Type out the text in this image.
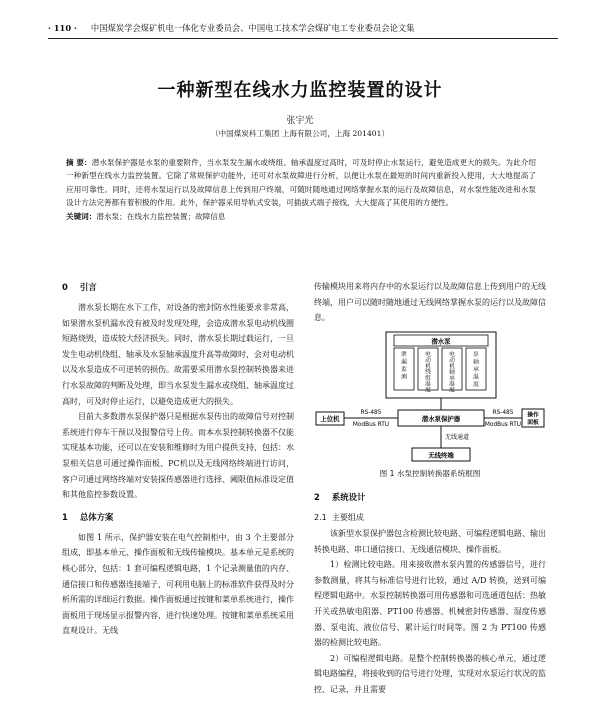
· 110 · 中国煤炭学会煤矿机电一体化专业委员会、中国电工技术学会煤矿电工专业委员会论文集
一种新型在线水力监控装置的设计
张宇光
（中国煤炭科工集团 上海有限公司，上海 201401）
摘 要：潜水泵保护器是水泵的重要附件，当水泵发生漏水或绕组、轴承温度过高时，可及时停止水泵运行，避免造成更大的损失。为此介绍一种新型在线水力监控装置。它除了常规保护功能外，还可对水泵故障进行分析，以便让水泵在最短的时间内重新投入使用，大大地提高了应用可靠性。同时，还将水泵运行以及故障信息上传到用户终端，可随时随地通过网络掌握水泵的运行及故障信息，对水泵性能改进和水泵设计方法完善都有着积极的作用。此外，保护器采用导轨式安装，可插拔式端子接线，大大提高了其使用的方便性。
关键词：潜水泵；在线水力监控装置；故障信息
0 引言

潜水泵长期在水下工作，对设备的密封防水性能要求非常高，如果潜水泵机漏水没有被及时发现处理，会造成潜水泵电动机线圈短路烧毁，造成较大经济损失。同时，潜水泵长期过载运行，一旦发生电动机绕组、轴承及水泵轴承温度升高等故障时，会对电动机以及水泵造成不可逆转的损伤。故需要采用潜水泵控制转换器来进行水泵故障的判断及处理，即当水泵发生漏水或绕组、轴承温度过高时，可及时停止运行，以避免造成更大的损失。

目前大多数潜水泵保护器只是根据水泵传出的故障信号对控制系统进行停车干预以及报警信号上传。而本水泵控制转换器不仅能实现基本功能，还可以在安装和维修时为用户提供支持，包括：水泵相关信息可通过操作面板、PC机以及无线网络终端进行访问，客户可通过网络终端对安装探传感器进行选择、阈限值标准设定值和其他监控参数设置。

1 总体方案

如图 1 所示，保护器安装在电气控制柜中，由 3 个主要部分组成，即基本单元、操作面板和无线传输模块。基本单元是系统的核心部分，包括：1 套可编程逻辑电路，1 个记录测量值的内存、通信接口和传感器连接端子，可利用电脑上的标准软件获得及时分析所需的详细运行数据。操作面板通过按键和菜单系统进行，操作面板用于现场显示报警内容，进行快速处理。按键和菜单系统采用直观设计。无线

传输模块用来将内存中的水泵运行以及故障信息上传到用户的无线终端，用户可以随时随地通过无线网络掌握水泵的运行以及故障信息。

潜水泵
泄漏监测
电动机绕组温度
电动机轴承温度
泵轴承温度
上位机
RS-485
ModBus RTU
潜水泵保护器
RS-485
ModBus RTU
操作面板
无线通道
无线终端
图 1 水泵控制转换器系统框图
2 系统设计
2.1 主要组成

该新型水泵保护器包含检测比较电路、可编程逻辑电路、输出转换电路、串口通信接口、无线通信模块、操作面板。

1）检测比较电路。用来接收潜水泵内置的传感器信号，进行参数测量，将其与标准信号进行比较，通过 A/D 转换，送到可编程逻辑电路中。水泵控制转换器可用传感器和可选通道包括：热敏开关或热敏电阻器、PT100 传感器、机械密封传感器、湿度传感器、泵电流、液位信号、累计运行时间等。图 2 为 PT100 传感器的检测比较电路。

2）可编程逻辑电路。是整个控制转换器的核心单元，通过逻辑电路编程，将接收到的信号进行处理，实现对水泵运行状况的监控、记录，并且需要
